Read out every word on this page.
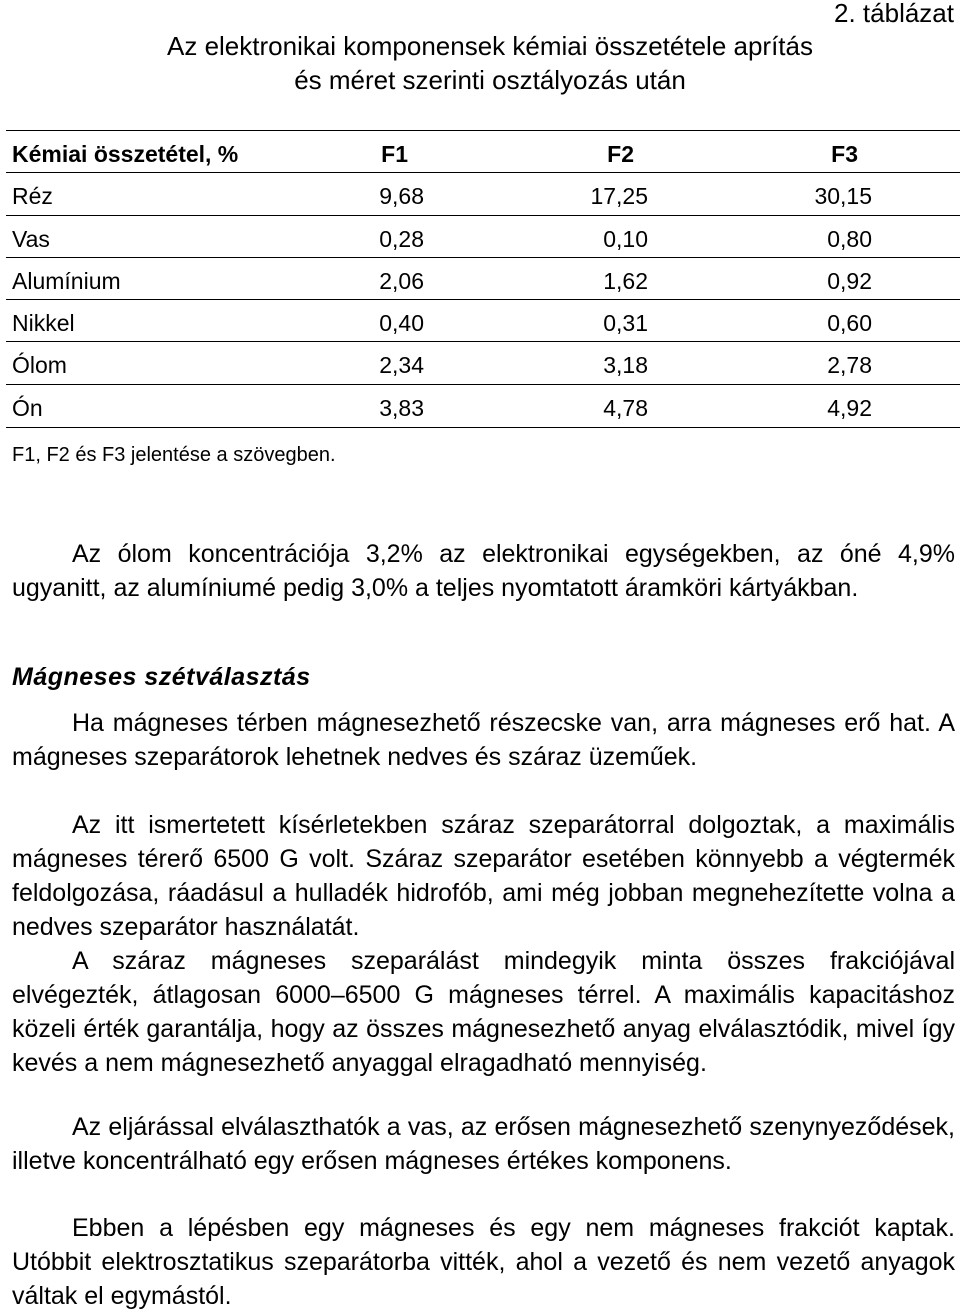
2. táblázat
Az elektronikai komponensek kémiai összetétele aprítás
és méret szerinti osztályozás után
Kémiai összetétel, %	F1	F2	F3
Réz	9,68	17,25	30,15
Vas	0,28	0,10	0,80
Alumínium	2,06	1,62	0,92
Nikkel	0,40	0,31	0,60
Ólom	2,34	3,18	2,78
Ón	3,83	4,78	4,92
F1, F2 és F3 jelentése a szövegben.

Az ólom koncentrációja 3,2% az elektronikai egységekben, az óné 4,9% ugyanitt, az alumíniumé pedig 3,0% a teljes nyomtatott áramköri kártyákban.

Mágneses szétválasztás

Ha mágneses térben mágnesezhető részecske van, arra mágneses erő hat. A mágneses szeparátorok lehetnek nedves és száraz üzeműek.

Az itt ismertetett kísérletekben száraz szeparátorral dolgoztak, a maximális mágneses térerő 6500 G volt. Száraz szeparátor esetében könnyebb a végtermék feldolgozása, ráadásul a hulladék hidrofób, ami még jobban megnehezítette volna a nedves szeparátor használatát.

A száraz mágneses szeparálást mindegyik minta összes frakciójával elvégezték, átlagosan 6000–6500 G mágneses térrel. A maximális kapacitáshoz közeli érték garantálja, hogy az összes mágnesezhető anyag elválasztódik, mivel így kevés a nem mágnesezhető anyaggal elragadható mennyiség.

Az eljárással elválaszthatók a vas, az erősen mágnesezhető szenynyeződések, illetve koncentrálható egy erősen mágneses értékes komponens.

Ebben a lépésben egy mágneses és egy nem mágneses frakciót kaptak. Utóbbit elektrosztatikus szeparátorba vitték, ahol a vezető és nem vezető anyagok váltak el egymástól.
